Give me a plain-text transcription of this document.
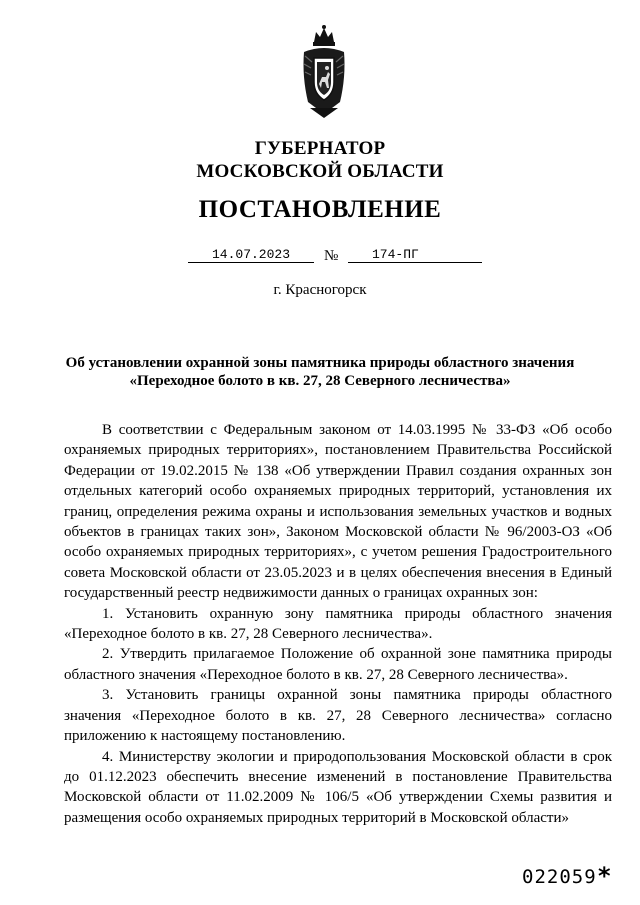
ГУБЕРНАТОР
МОСКОВСКОЙ ОБЛАСТИ
ПОСТАНОВЛЕНИЕ
14.07.2023 №	174-ПГ
г. Красногорск
Об установлении охранной зоны памятника природы областного значения
«Переходное болото в кв. 27, 28 Северного лесничества»

В соответствии с Федеральным законом от 14.03.1995 № 33-ФЗ «Об особо охраняемых природных территориях», постановлением Правительства Российской Федерации от 19.02.2015 № 138 «Об утверждении Правил создания охранных зон отдельных категорий особо охраняемых природных территорий, установления их границ, определения режима охраны и использования земельных участков и водных объектов в границах таких зон», Законом Московской области № 96/2003-ОЗ «Об особо охраняемых природных территориях», с учетом решения Градостроительного совета Московской области от 23.05.2023 и в целях обеспечения внесения в Единый государственный реестр недвижимости данных о границах охранных зон:

1. Установить охранную зону памятника природы областного значения «Переходное болото в кв. 27, 28 Северного лесничества».

2. Утвердить прилагаемое Положение об охранной зоне памятника природы областного значения «Переходное болото в кв. 27, 28 Северного лесничества».

3. Установить границы охранной зоны памятника природы областного значения «Переходное болото в кв. 27, 28 Северного лесничества» согласно приложению к настоящему постановлению.

4. Министерству экологии и природопользования Московской области в срок до 01.12.2023 обеспечить внесение изменений в постановление Правительства Московской области от 11.02.2009 № 106/5 «Об утверждении Схемы развития и размещения особо охраняемых природных территорий в Московской области»

022059 *
